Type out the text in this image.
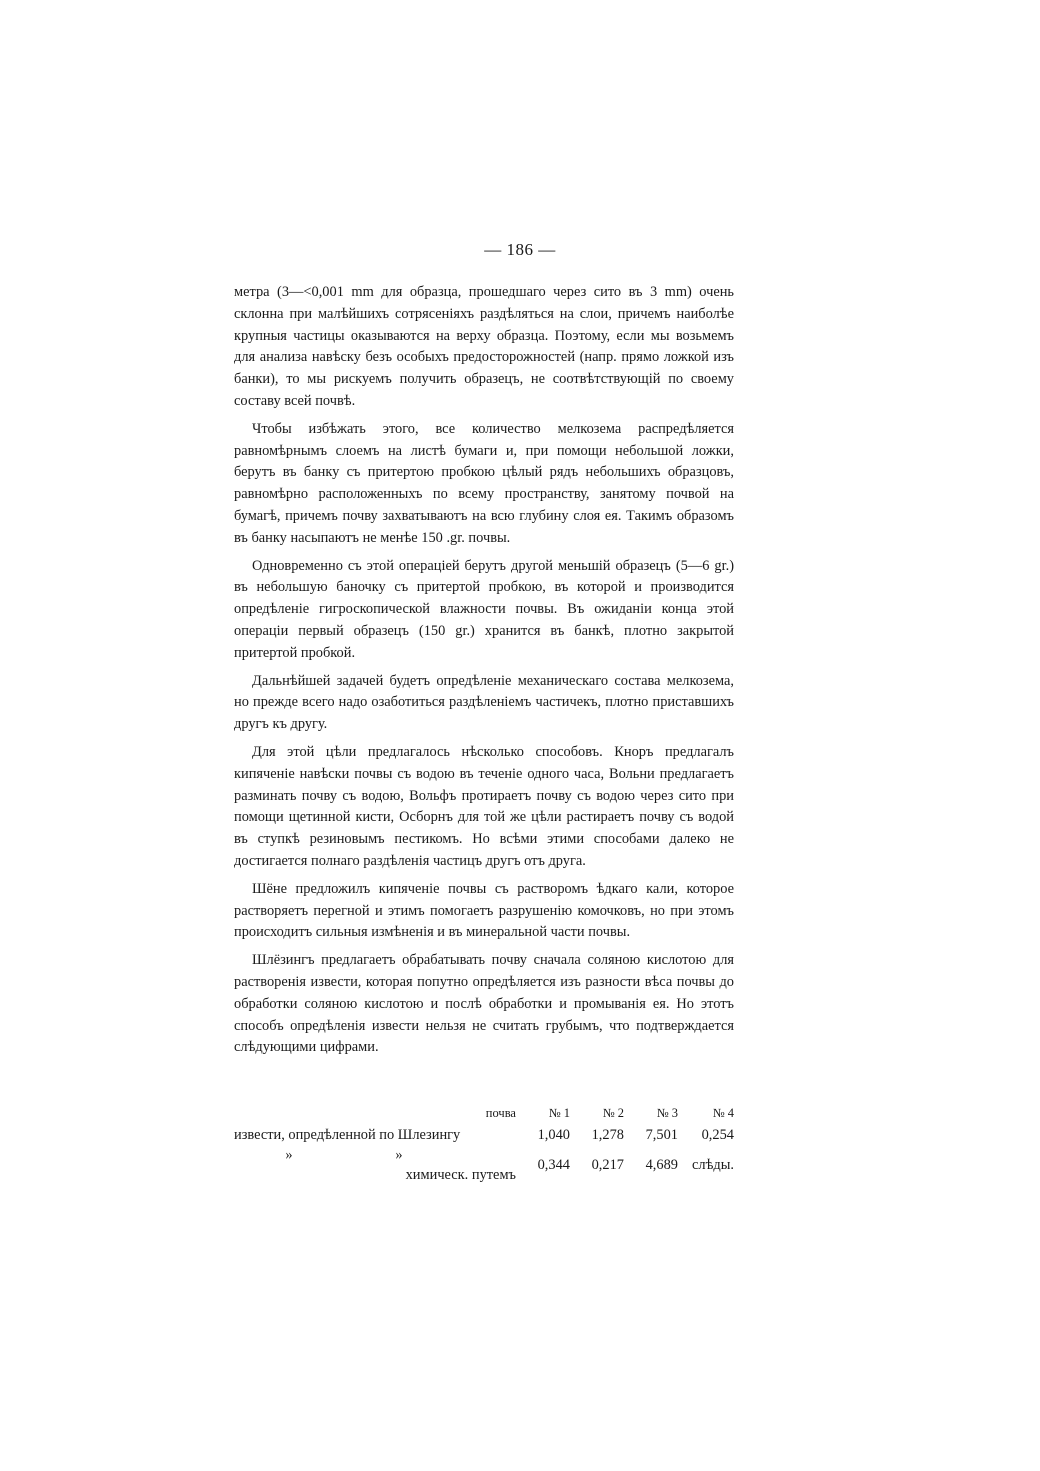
— 186 —

метра (3—<0,001 mm для образца, прошедшаго через сито въ 3 mm) очень склонна при малѣйшихъ сотрясеніяхъ раздѣляться на слои, причемъ наиболѣе крупныя частицы оказываются на верху образца. Поэтому, если мы возьмемъ для анализа навѣску безъ особыхъ предосторожностей (напр. прямо ложкой изъ банки), то мы рискуемъ получить образецъ, не соотвѣтствующій по своему составу всей почвѣ.

Чтобы избѣжать этого, все количество мелкозема распредѣляется равномѣрнымъ слоемъ на листѣ бумаги и, при помощи небольшой ложки, берутъ въ банку съ притертою пробкою цѣлый рядъ небольшихъ образцовъ, равномѣрно расположенныхъ по всему пространству, занятому почвой на бумагѣ, причемъ почву захватываютъ на всю глубину слоя ея. Такимъ образомъ въ банку насыпаютъ не менѣе 150 .gr. почвы.

Одновременно съ этой операціей берутъ другой меньшій образецъ (5—6 gr.) въ небольшую баночку съ притертой пробкою, въ которой и производится опредѣленіе гигроскопической влажности почвы. Въ ожиданіи конца этой операціи первый образецъ (150 gr.) хранится въ банкѣ, плотно закрытой притертой пробкой.

Дальнѣйшей задачей будетъ опредѣленіе механическаго состава мелкозема, но прежде всего надо озаботиться раздѣленіемъ частичекъ, плотно приставшихъ другъ къ другу.

Для этой цѣли предлагалось нѣсколько способовъ. Кноръ предлагалъ кипяченіе навѣски почвы съ водою въ теченіе одного часа, Вольни предлагаетъ разминать почву съ водою, Вольфъ протираетъ почву съ водою через сито при помощи щетинной кисти, Осборнъ для той же цѣли растираетъ почву съ водой въ ступкѣ резиновымъ пестикомъ. Но всѣми этими способами далеко не достигается полнаго раздѣленія частицъ другъ отъ друга.

Шёне предложилъ кипяченіе почвы съ растворомъ ѣдкаго кали, которое растворяетъ перегной и этимъ помогаетъ разрушенію комочковъ, но при этомъ происходитъ сильныя измѣненія и въ минеральной части почвы.

Шлёзингъ предлагаетъ обрабатывать почву сначала соляною кислотою для растворенія извести, которая попутно опредѣляется изъ разности вѣса почвы до обработки соляною кислотою и послѣ обработки и промыванія ея. Но этотъ способъ опредѣленія извести нельзя не считать грубымъ, что подтверждается слѣдующими цифрами.

почва	№ 1	№ 2	№ 3	№ 4
извести, опредѣленной по Шлезингу	1,040	1,278	7,501	0,254
» »
химическ. путемъ	0,344	0,217	4,689	слѣды.
